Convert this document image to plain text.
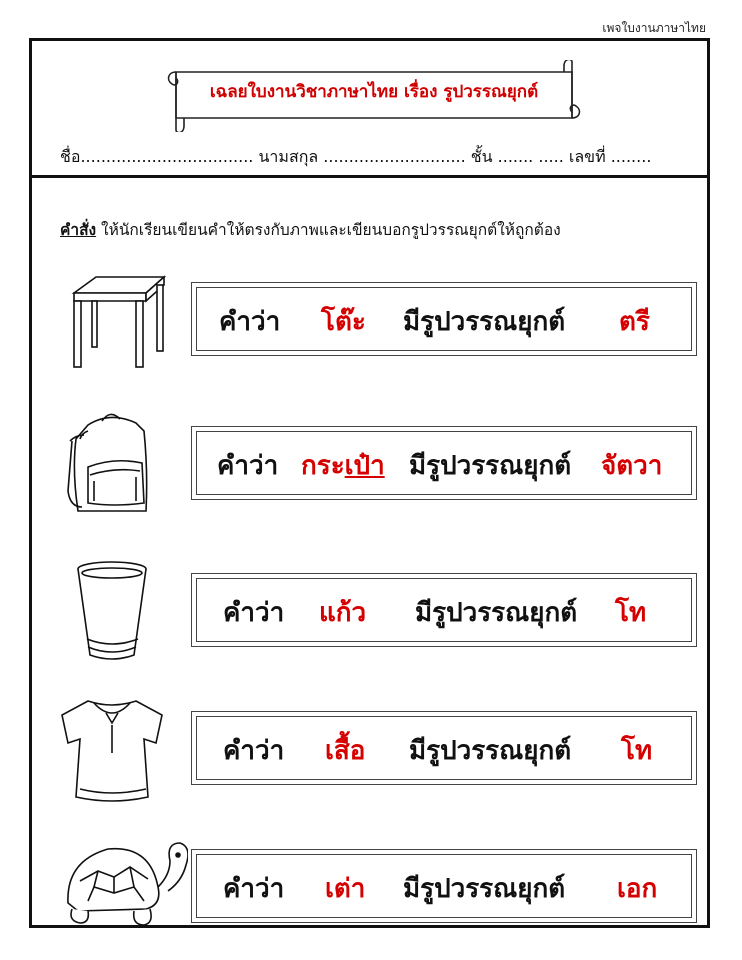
เพจใบงานภาษาไทย
เฉลยใบงานวิชาภาษาไทย เรื่อง รูปวรรณยุกต์
ชื่อ.................................. นามสกุล ............................ ชั้น ....... ..... เลขที่ ........
คำสั่ง ให้นักเรียนเขียนคำให้ตรงกับภาพและเขียนบอกรูปวรรณยุกต์ให้ถูกต้อง
คำว่า โต๊ะ มีรูปวรรณยุกต์ ตรี
คำว่า กระเป๋า มีรูปวรรณยุกต์ จัตวา
คำว่า แก้ว มีรูปวรรณยุกต์ โท
คำว่า เสื้อ มีรูปวรรณยุกต์ โท
คำว่า เต่า มีรูปวรรณยุกต์ เอก
